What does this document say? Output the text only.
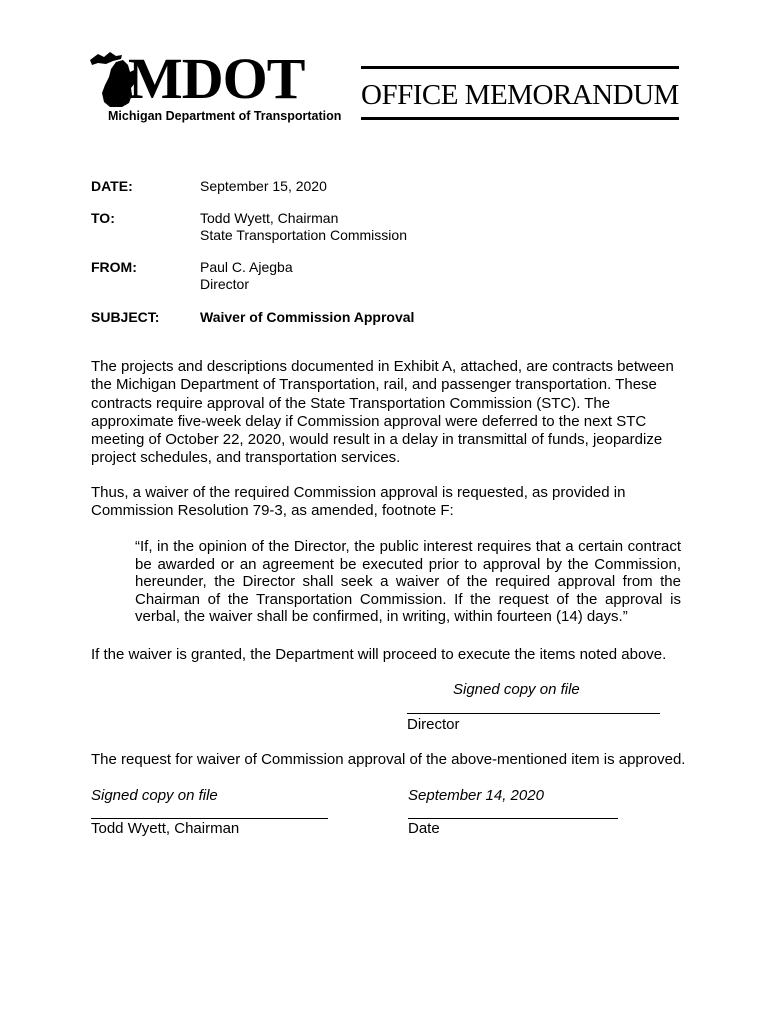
MDOT
Michigan Department of Transportation
OFFICE MEMORANDUM
DATE:	September 15, 2020
TO:	Todd Wyett, Chairman
State Transportation Commission
FROM:	Paul C. Ajegba
Director
SUBJECT:	Waiver of Commission Approval
The projects and descriptions documented in Exhibit A, attached, are contracts between the Michigan Department of Transportation, rail, and passenger transportation. These contracts require approval of the State Transportation Commission (STC). The approximate five-week delay if Commission approval were deferred to the next STC meeting of October 22, 2020, would result in a delay in transmittal of funds, jeopardize project schedules, and transportation services.
Thus, a waiver of the required Commission approval is requested, as provided in Commission Resolution 79-3, as amended, footnote F:
“If, in the opinion of the Director, the public interest requires that a certain contract be awarded or an agreement be executed prior to approval by the Commission, hereunder, the Director shall seek a waiver of the required approval from the Chairman of the Transportation Commission. If the request of the approval is verbal, the waiver shall be confirmed, in writing, within fourteen (14) days.”
If the waiver is granted, the Department will proceed to execute the items noted above.
Signed copy on file
Director
The request for waiver of Commission approval of the above-mentioned item is approved.
Signed copy on file
Todd Wyett, Chairman
September 14, 2020
Date
